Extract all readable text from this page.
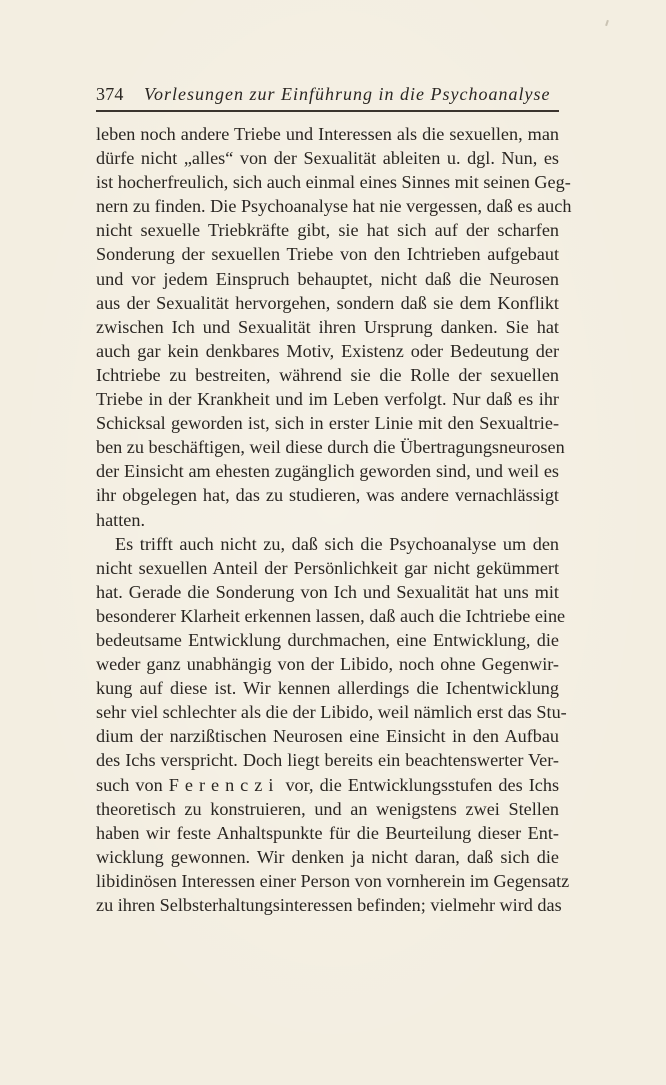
374	Vorlesungen zur Einführung in die Psychoanalyse
leben noch andere Triebe und Interessen als die sexuellen, man
dürfe nicht „alles“ von der Sexualität ableiten u. dgl. Nun, es
ist hocherfreulich, sich auch einmal eines Sinnes mit seinen Geg-
nern zu finden. Die Psychoanalyse hat nie vergessen, daß es auch
nicht sexuelle Triebkräfte gibt, sie hat sich auf der scharfen
Sonderung der sexuellen Triebe von den Ichtrieben aufgebaut
und vor jedem Einspruch behauptet, nicht daß die Neurosen
aus der Sexualität hervorgehen, sondern daß sie dem Konflikt
zwischen Ich und Sexualität ihren Ursprung danken. Sie hat
auch gar kein denkbares Motiv, Existenz oder Bedeutung der
Ichtriebe zu bestreiten, während sie die Rolle der sexuellen
Triebe in der Krankheit und im Leben verfolgt. Nur daß es ihr
Schicksal geworden ist, sich in erster Linie mit den Sexualtrie-
ben zu beschäftigen, weil diese durch die Übertragungsneurosen
der Einsicht am ehesten zugänglich geworden sind, und weil es
ihr obgelegen hat, das zu studieren, was andere vernachlässigt
hatten.
Es trifft auch nicht zu, daß sich die Psychoanalyse um den
nicht sexuellen Anteil der Persönlichkeit gar nicht gekümmert
hat. Gerade die Sonderung von Ich und Sexualität hat uns mit
besonderer Klarheit erkennen lassen, daß auch die Ichtriebe eine
bedeutsame Entwicklung durchmachen, eine Entwicklung, die
weder ganz unabhängig von der Libido, noch ohne Gegenwir-
kung auf diese ist. Wir kennen allerdings die Ichentwicklung
sehr viel schlechter als die der Libido, weil nämlich erst das Stu-
dium der narzißtischen Neurosen eine Einsicht in den Aufbau
des Ichs verspricht. Doch liegt bereits ein beachtenswerter Ver-
such von Ferenczi vor, die Entwicklungsstufen des Ichs
theoretisch zu konstruieren, und an wenigstens zwei Stellen
haben wir feste Anhaltspunkte für die Beurteilung dieser Ent-
wicklung gewonnen. Wir denken ja nicht daran, daß sich die
libidinösen Interessen einer Person von vornherein im Gegensatz
zu ihren Selbsterhaltungsinteressen befinden; vielmehr wird das
